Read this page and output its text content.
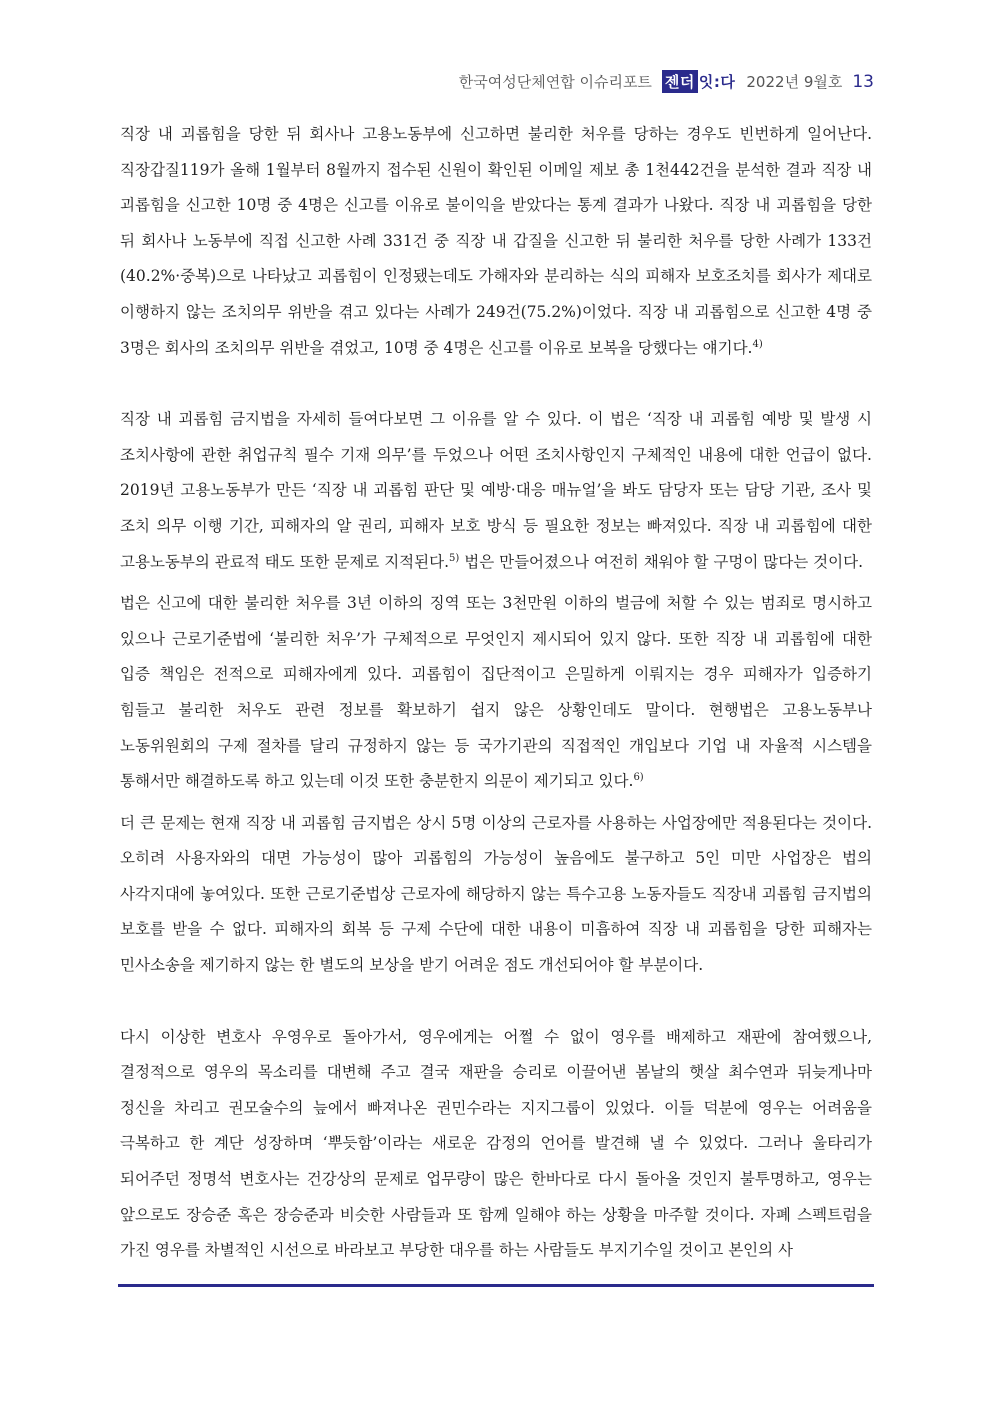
한국여성단체연합 이슈리포트 젠더 잇:다 2022년 9월호 13

직장 내 괴롭힘을 당한 뒤 회사나 고용노동부에 신고하면 불리한 처우를 당하는 경우도 빈번하게 일어난다. 직장갑질119가 올해 1월부터 8월까지 접수된 신원이 확인된 이메일 제보 총 1천442건을 분석한 결과 직장 내 괴롭힘을 신고한 10명 중 4명은 신고를 이유로 불이익을 받았다는 통계 결과가 나왔다. 직장 내 괴롭힘을 당한 뒤 회사나 노동부에 직접 신고한 사례 331건 중 직장 내 갑질을 신고한 뒤 불리한 처우를 당한 사례가 133건(40.2%·중복)으로 나타났고 괴롭힘이 인정됐는데도 가해자와 분리하는 식의 피해자 보호조치를 회사가 제대로 이행하지 않는 조치의무 위반을 겪고 있다는 사례가 249건(75.2%)이었다. 직장 내 괴롭힘으로 신고한 4명 중 3명은 회사의 조치의무 위반을 겪었고, 10명 중 4명은 신고를 이유로 보복을 당했다는 얘기다.$^{4)}$

직장 내 괴롭힘 금지법을 자세히 들여다보면 그 이유를 알 수 있다. 이 법은 ‘직장 내 괴롭힘 예방 및 발생 시 조치사항에 관한 취업규칙 필수 기재 의무’를 두었으나 어떤 조치사항인지 구체적인 내용에 대한 언급이 없다. 2019년 고용노동부가 만든 ‘직장 내 괴롭힘 판단 및 예방·대응 매뉴얼’을 봐도 담당자 또는 담당 기관, 조사 및 조치 의무 이행 기간, 피해자의 알 권리, 피해자 보호 방식 등 필요한 정보는 빠져있다. 직장 내 괴롭힘에 대한 고용노동부의 관료적 태도 또한 문제로 지적된다.$^{5)}$ 법은 만들어졌으나 여전히 채워야 할 구멍이 많다는 것이다.

법은 신고에 대한 불리한 처우를 3년 이하의 징역 또는 3천만원 이하의 벌금에 처할 수 있는 범죄로 명시하고 있으나 근로기준법에 ‘불리한 처우’가 구체적으로 무엇인지 제시되어 있지 않다. 또한 직장 내 괴롭힘에 대한 입증 책임은 전적으로 피해자에게 있다. 괴롭힘이 집단적이고 은밀하게 이뤄지는 경우 피해자가 입증하기 힘들고 불리한 처우도 관련 정보를 확보하기 쉽지 않은 상황인데도 말이다. 현행법은 고용노동부나 노동위원회의 구제 절차를 달리 규정하지 않는 등 국가기관의 직접적인 개입보다 기업 내 자율적 시스템을 통해서만 해결하도록 하고 있는데 이것 또한 충분한지 의문이 제기되고 있다.$^{6)}$

더 큰 문제는 현재 직장 내 괴롭힘 금지법은 상시 5명 이상의 근로자를 사용하는 사업장에만 적용된다는 것이다. 오히려 사용자와의 대면 가능성이 많아 괴롭힘의 가능성이 높음에도 불구하고 5인 미만 사업장은 법의 사각지대에 놓여있다. 또한 근로기준법상 근로자에 해당하지 않는 특수고용 노동자들도 직장내 괴롭힘 금지법의 보호를 받을 수 없다. 피해자의 회복 등 구제 수단에 대한 내용이 미흡하여 직장 내 괴롭힘을 당한 피해자는 민사소송을 제기하지 않는 한 별도의 보상을 받기 어려운 점도 개선되어야 할 부분이다.

다시 이상한 변호사 우영우로 돌아가서, 영우에게는 어쩔 수 없이 영우를 배제하고 재판에 참여했으나, 결정적으로 영우의 목소리를 대변해 주고 결국 재판을 승리로 이끌어낸 봄날의 햇살 최수연과 뒤늦게나마 정신을 차리고 권모술수의 늪에서 빠져나온 권민수라는 지지그룹이 있었다. 이들 덕분에 영우는 어려움을 극복하고 한 계단 성장하며 ‘뿌듯함’이라는 새로운 감정의 언어를 발견해 낼 수 있었다. 그러나 울타리가 되어주던 정명석 변호사는 건강상의 문제로 업무량이 많은 한바다로 다시 돌아올 것인지 불투명하고, 영우는 앞으로도 장승준 혹은 장승준과 비슷한 사람들과 또 함께 일해야 하는 상황을 마주할 것이다. 자폐 스펙트럼을 가진 영우를 차별적인 시선으로 바라보고 부당한 대우를 하는 사람들도 부지기수일 것이고 본인의 사
